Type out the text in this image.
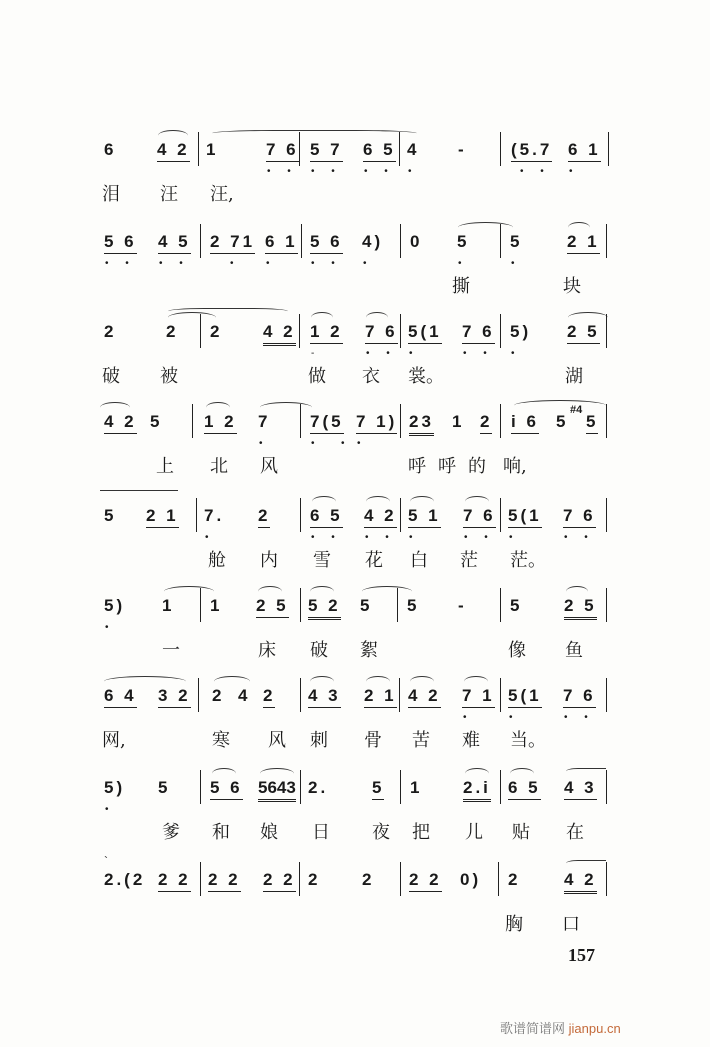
6 4 2 1	7 6
• •
5 7
• •
6 5
• •
4
•
-	(5.7
• •
6 1
•
泪 汪 汪,
5 6
• •
4 5
• •
2 71
•
6 1
•
5 6
• •
4)
•
0 5
•
5
•
2 1
撕	块
2	2 2 4 2 1 2
-
7 6
• •
5(1
•
7 6
• •
5)
•
2 5
破 被	做 衣 裳。	湖
4 2 5 1 2 7
•
7(5
•  •
7 1)
•
23 1 2 i 6 5
#4
5
上 北 风	呼 呼 的 响,
5 2 1 7.
•
2 6 5
• •
4 2
• •
5 1
•
7 6
• •
5(1
•
7 6
• •
舱 内 雪 花 白 茫 茫。
5)
•
1 1 2 5 5 2 5 5 -	5 2 5
一	床 破 絮	像 鱼
6 4 3 2 2 4 2 4 3 2 1 4 2 7 1
•
5(1
•
7 6
• •
网,	寒 风 刺 骨 苦 难 当。
5)
•
5 5 6 5643 2.	5 1 2.i 6 5 4 3
爹 和 娘 日 夜 把 儿 贴 在
`
2.(2 2 2 2 2 2 2 2 2 2 2 0) 2	4 2
胸 口
157
歌谱简谱网 jianpu.cn
